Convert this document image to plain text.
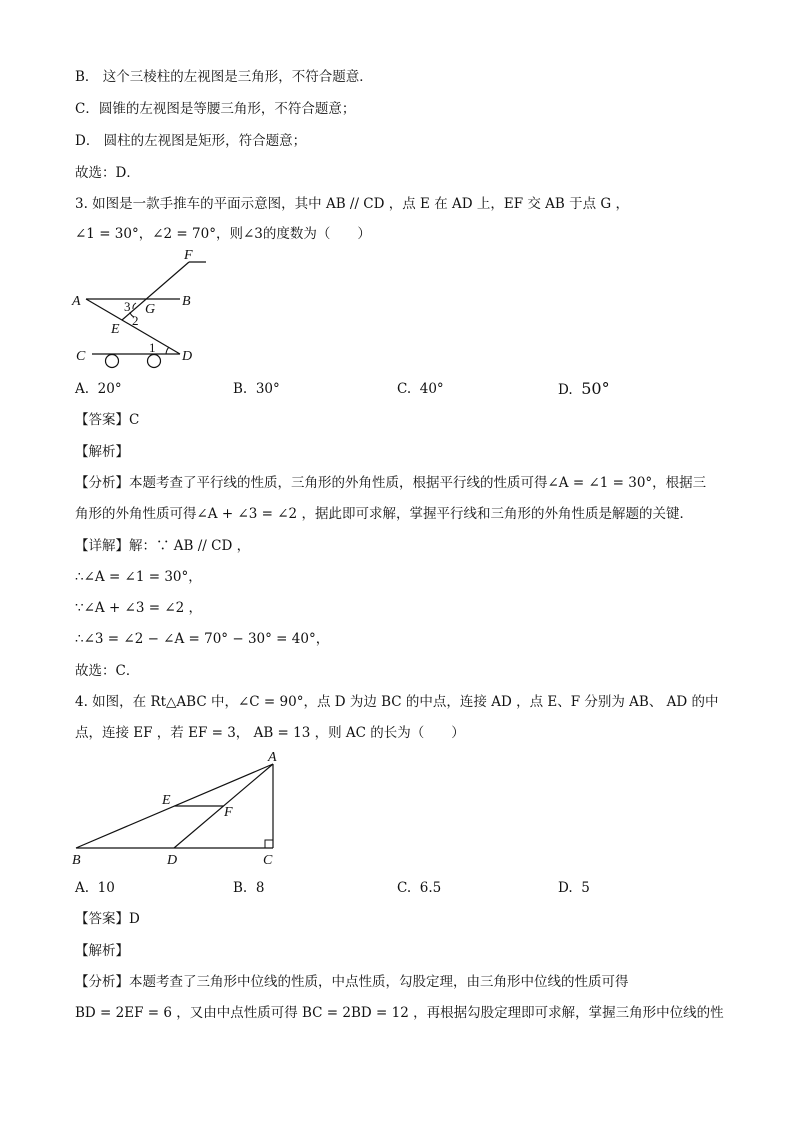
B． 这个三棱柱的左视图是三角形，不符合题意．
C．圆锥的左视图是等腰三角形，不符合题意；
D． 圆柱的左视图是矩形，符合题意；
故选：D．
3. 如图是一款手推车的平面示意图，其中 AB // CD ，点 E 在 AD 上，EF 交 AB 于点 G ，
∠1 = 30°，∠2 = 70°，则∠3的度数为（　　）
A	B
C	D
E
F
G
1
2
3
A. 20°	B. 30°	C. 40°	D. 50°
【答案】C
【解析】
【分析】本题考查了平行线的性质，三角形的外角性质，根据平行线的性质可得∠A = ∠1 = 30°，根据三
角形的外角性质可得∠A + ∠3 = ∠2 ，据此即可求解，掌握平行线和三角形的外角性质是解题的关键．
【详解】解：∵ AB // CD ，
∴∠A = ∠1 = 30°，
∵∠A + ∠3 = ∠2 ，
∴∠3 = ∠2 − ∠A = 70° − 30° = 40°，
故选：C．
4. 如图，在 Rt△ABC 中，∠C = 90°，点 D 为边 BC 的中点，连接 AD ，点 E、F 分别为 AB、 AD 的中
点，连接 EF ，若 EF = 3， AB = 13 ，则 AC 的长为（　　）
A
B	C
D
E
F
A. 10	B. 8	C. 6.5	D. 5
【答案】D
【解析】
【分析】本题考查了三角形中位线的性质，中点性质，勾股定理，由三角形中位线的性质可得
BD = 2EF = 6 ，又由中点性质可得 BC = 2BD = 12 ，再根据勾股定理即可求解，掌握三角形中位线的性
